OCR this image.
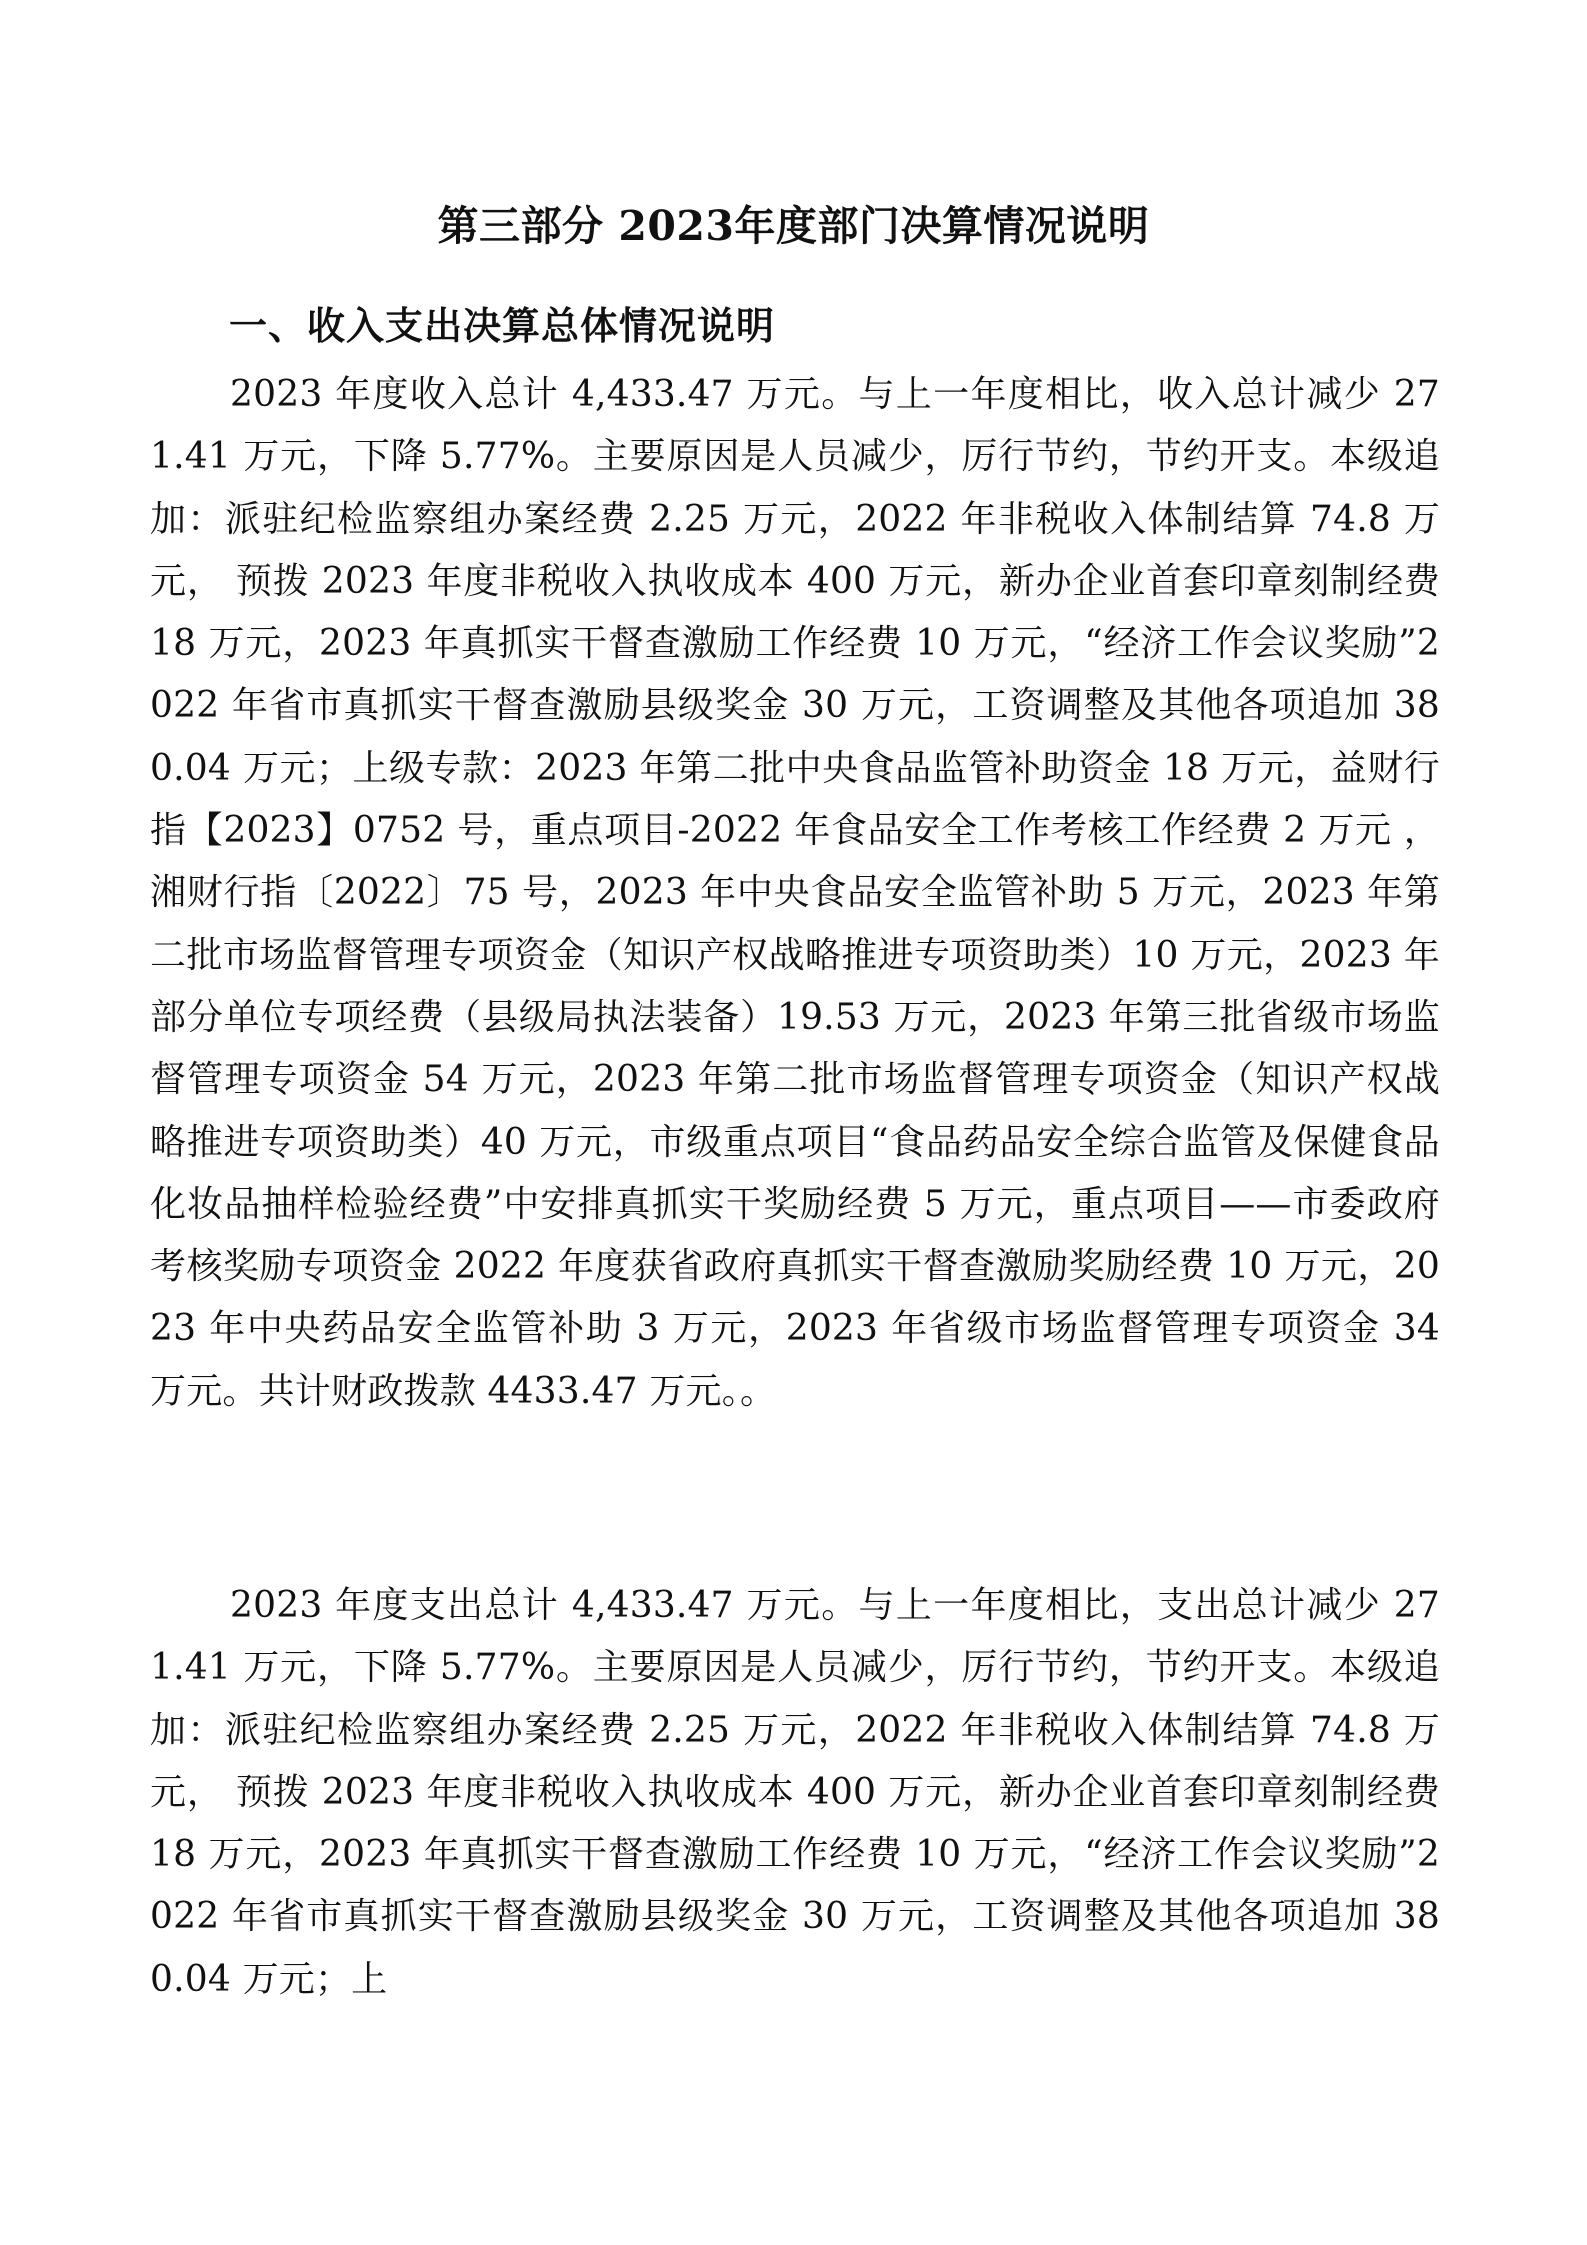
第三部分 2023年度部门决算情况说明
一、收入支出决算总体情况说明
2023 年度收入总计 4,433.47 万元。与上一年度相比，收入总计减少 271.41 万元，下降 5.77%。主要原因是人员减少，厉行节约，节约开支。本级追加：派驻纪检监察组办案经费 2.25 万元，2022 年非税收入体制结算 74.8 万元， 预拨 2023 年度非税收入执收成本 400 万元，新办企业首套印章刻制经费 18 万元，2023 年真抓实干督查激励工作经费 10 万元，“经济工作会议奖励”2022 年省市真抓实干督查激励县级奖金 30 万元，工资调整及其他各项追加 380.04 万元；上级专款：2023 年第二批中央食品监管补助资金 18 万元，益财行指【2023】0752 号，重点项目-2022 年食品安全工作考核工作经费 2 万元 ，湘财行指〔2022〕75 号，2023 年中央食品安全监管补助 5 万元，2023 年第二批市场监督管理专项资金（知识产权战略推进专项资助类）10 万元，2023 年部分单位专项经费（县级局执法装备）19.53 万元，2023 年第三批省级市场监督管理专项资金 54 万元，2023 年第二批市场监督管理专项资金（知识产权战略推进专项资助类）40 万元，市级重点项目“食品药品安全综合监管及保健食品化妆品抽样检验经费”中安排真抓实干奖励经费 5 万元，重点项目——市委政府考核奖励专项资金 2022 年度获省政府真抓实干督查激励奖励经费 10 万元，2023 年中央药品安全监管补助 3 万元，2023 年省级市场监督管理专项资金 34 万元。共计财政拨款 4433.47 万元。。
2023 年度支出总计 4,433.47 万元。与上一年度相比，支出总计减少 271.41 万元，下降 5.77%。主要原因是人员减少，厉行节约，节约开支。本级追加：派驻纪检监察组办案经费 2.25 万元，2022 年非税收入体制结算 74.8 万元， 预拨 2023 年度非税收入执收成本 400 万元，新办企业首套印章刻制经费 18 万元，2023 年真抓实干督查激励工作经费 10 万元，“经济工作会议奖励”2022 年省市真抓实干督查激励县级奖金 30 万元，工资调整及其他各项追加 380.04 万元；上
